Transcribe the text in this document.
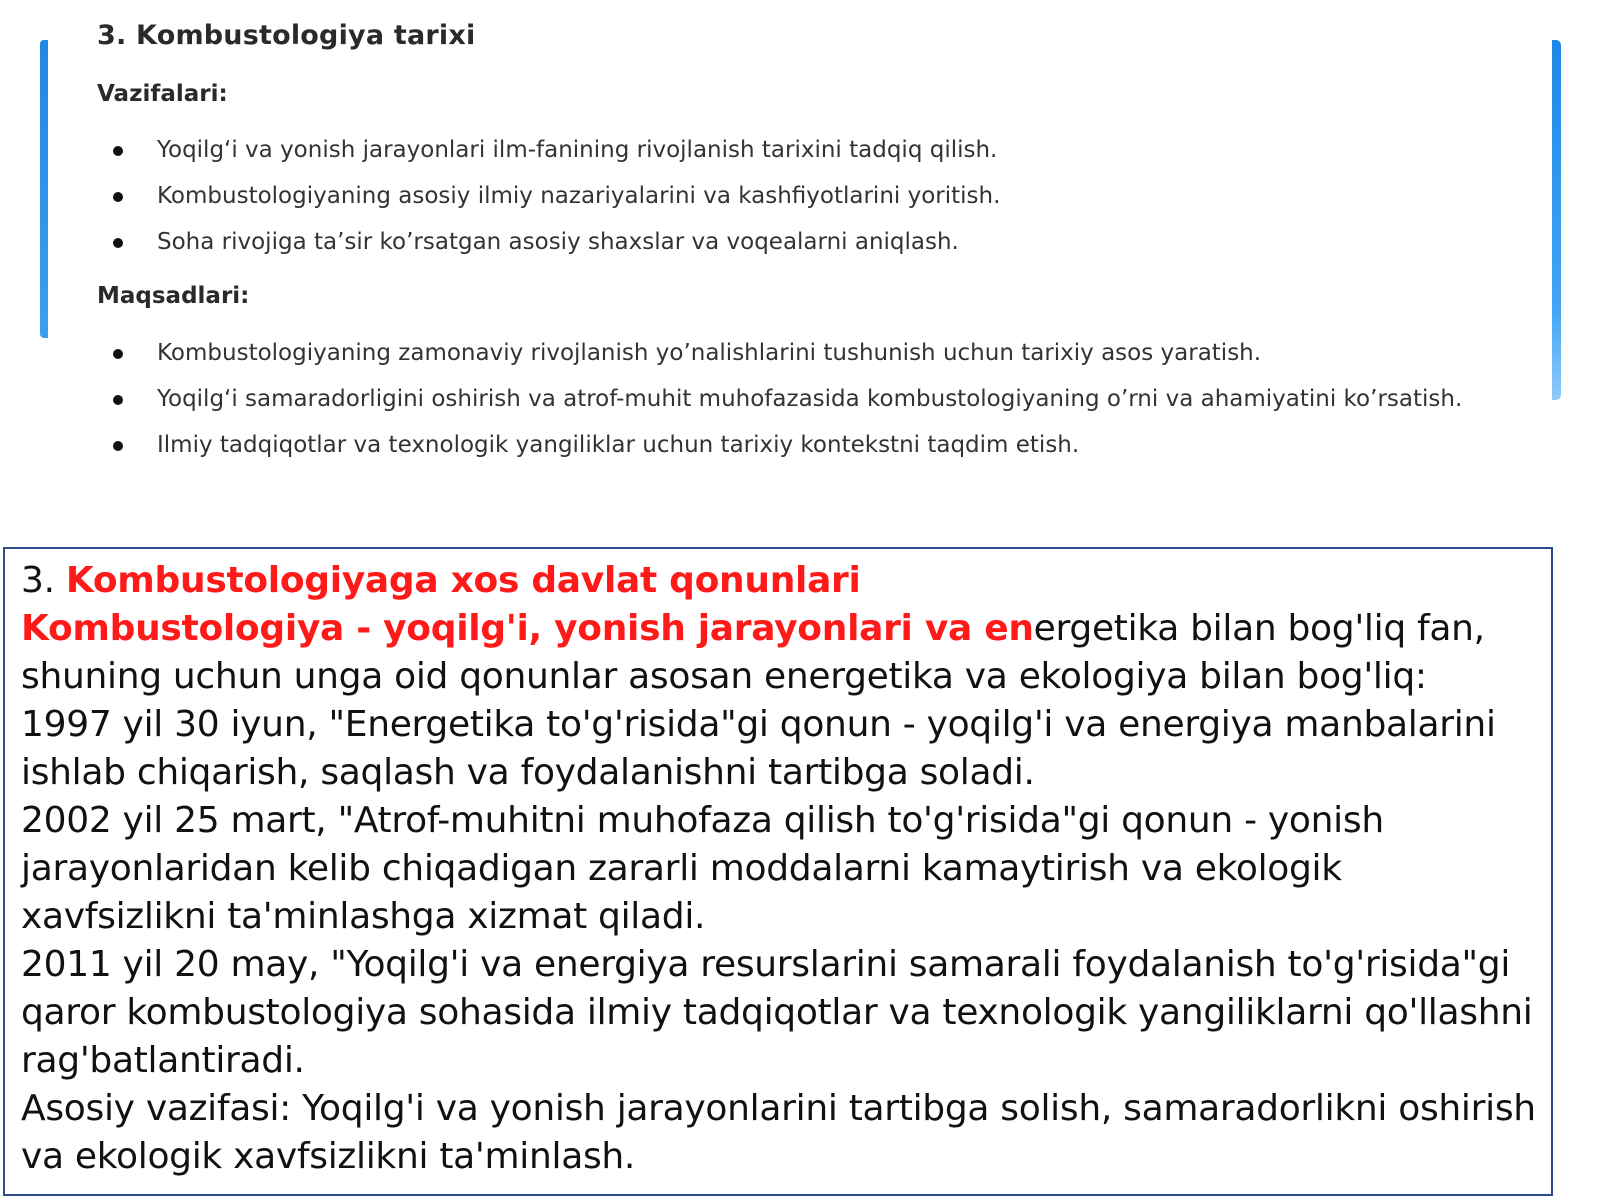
3. Kombustologiya tarixi
Vazifalari:
Yoqilg‘i va yonish jarayonlari ilm-fanining rivojlanish tarixini tadqiq qilish.
Kombustologiyaning asosiy ilmiy nazariyalarini va kashfiyotlarini yoritish.
Soha rivojiga ta’sir ko’rsatgan asosiy shaxslar va voqealarni aniqlash.
Maqsadlari:
Kombustologiyaning zamonaviy rivojlanish yo’nalishlarini tushunish uchun tarixiy asos yaratish.
Yoqilg‘i samaradorligini oshirish va atrof-muhit muhofazasida kombustologiyaning o’rni va ahamiyatini ko’rsatish.
Ilmiy tadqiqotlar va texnologik yangiliklar uchun tarixiy kontekstni taqdim etish.

3. Kombustologiyaga xos davlat qonunlari
Kombustologiya - yoqilg'i, yonish jarayonlari va energetika bilan bog'liq fan, shuning uchun unga oid qonunlar asosan energetika va ekologiya bilan bog'liq:
1997 yil 30 iyun, "Energetika to'g'risida"gi qonun - yoqilg'i va energiya manbalarini ishlab chiqarish, saqlash va foydalanishni tartibga soladi.
2002 yil 25 mart, "Atrof-muhitni muhofaza qilish to'g'risida"gi qonun - yonish jarayonlaridan kelib chiqadigan zararli moddalarni kamaytirish va ekologik xavfsizlikni ta'minlashga xizmat qiladi.
2011 yil 20 may, "Yoqilg'i va energiya resurslarini samarali foydalanish to'g'risida"gi qaror kombustologiya sohasida ilmiy tadqiqotlar va texnologik yangiliklarni qo'llashni rag'batlantiradi.
Asosiy vazifasi: Yoqilg'i va yonish jarayonlarini tartibga solish, samaradorlikni oshirish va ekologik xavfsizlikni ta'minlash.
